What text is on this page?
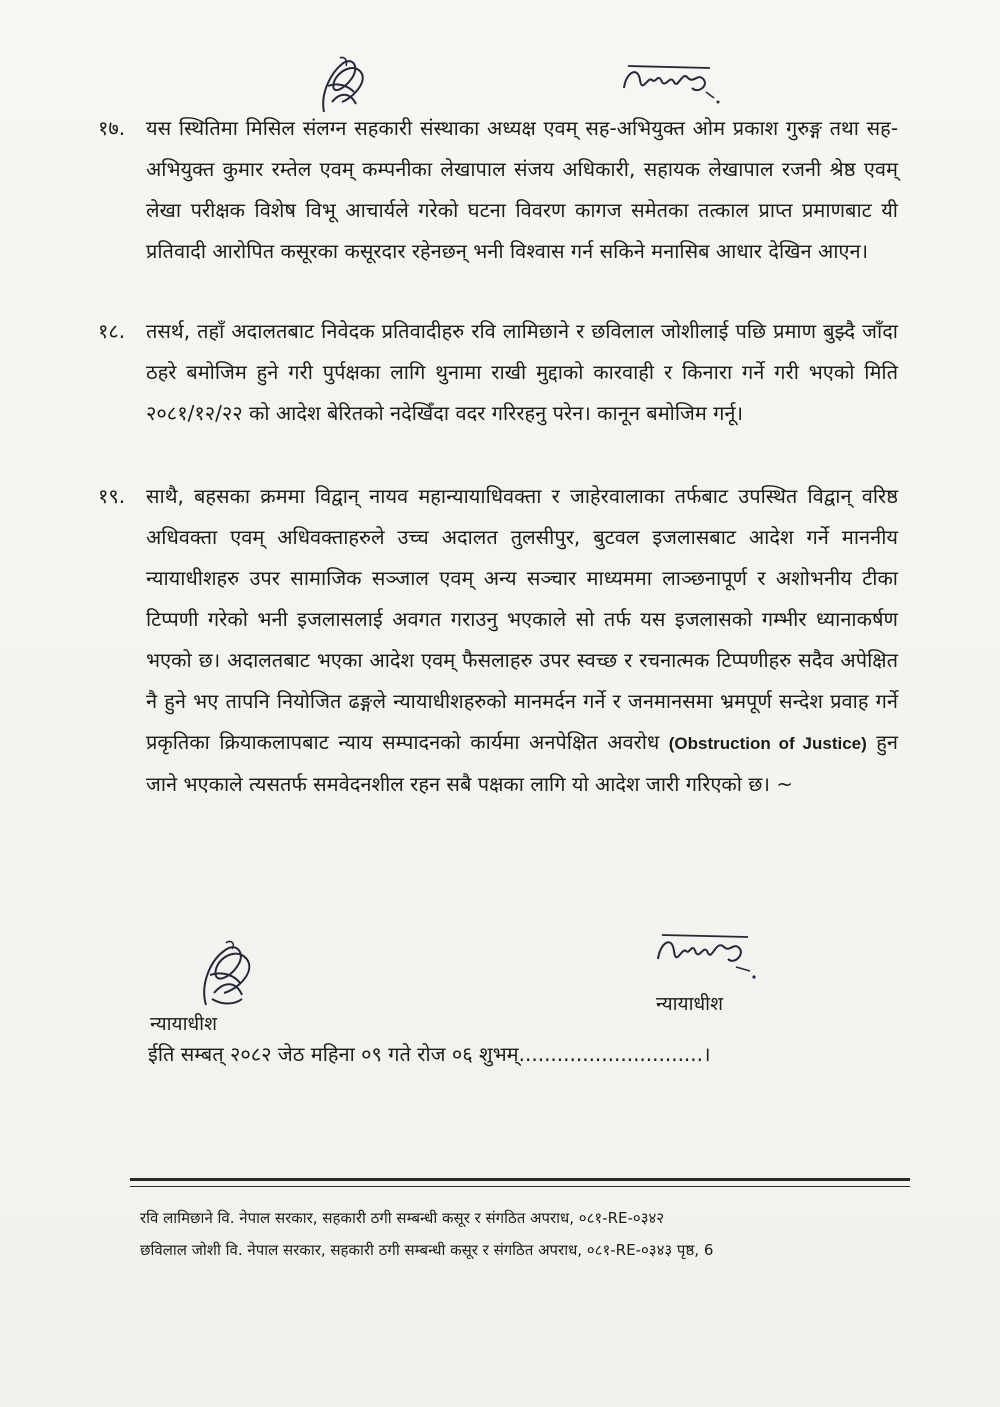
१७. यस स्थितिमा मिसिल संलग्न सहकारी संस्थाका अध्यक्ष एवम् सह-अभियुक्त ओम प्रकाश गुरुङ्ग तथा सह-अभियुक्त कुमार रम्तेल एवम् कम्पनीका लेखापाल संजय अधिकारी, सहायक लेखापाल रजनी श्रेष्ठ एवम् लेखा परीक्षक विशेष विभू आचार्यले गरेको घटना विवरण कागज समेतका तत्काल प्राप्त प्रमाणबाट यी प्रतिवादी आरोपित कसूरका कसूरदार रहेनछन् भनी विश्वास गर्न सकिने मनासिब आधार देखिन आएन।
१८. तसर्थ, तहाँ अदालतबाट निवेदक प्रतिवादीहरु रवि लामिछाने र छविलाल जोशीलाई पछि प्रमाण बुझ्दै जाँदा ठहरे बमोजिम हुने गरी पुर्पक्षका लागि थुनामा राखी मुद्दाको कारवाही र किनारा गर्ने गरी भएको मिति २०८१/१२/२२ को आदेश बेरितको नदेखिँदा वदर गरिरहनु परेन। कानून बमोजिम गर्नू।
१९. साथै, बहसका क्रममा विद्वान् नायव महान्यायाधिवक्ता र जाहेरवालाका तर्फबाट उपस्थित विद्वान् वरिष्ठ अधिवक्ता एवम् अधिवक्ताहरुले उच्च अदालत तुलसीपुर, बुटवल इजलासबाट आदेश गर्ने माननीय न्यायाधीशहरु उपर सामाजिक सञ्जाल एवम् अन्य सञ्चार माध्यममा लाञ्छनापूर्ण र अशोभनीय टीका टिप्पणी गरेको भनी इजलासलाई अवगत गराउनु भएकाले सो तर्फ यस इजलासको गम्भीर ध्यानाकर्षण भएको छ। अदालतबाट भएका आदेश एवम् फैसलाहरु उपर स्वच्छ र रचनात्मक टिप्पणीहरु सदैव अपेक्षित नै हुने भए तापनि नियोजित ढङ्गले न्यायाधीशहरुको मानमर्दन गर्ने र जनमानसमा भ्रमपूर्ण सन्देश प्रवाह गर्ने प्रकृतिका क्रियाकलापबाट न्याय सम्पादनको कार्यमा अनपेक्षित अवरोध (Obstruction of Justice) हुन जाने भएकाले त्यसतर्फ समवेदनशील रहन सबै पक्षका लागि यो आदेश जारी गरिएको छ। ~
न्यायाधीश
न्यायाधीश
ईति सम्बत् २०८२ जेठ महिना ०९ गते रोज ०६ शुभम्.............................।
रवि लामिछाने वि. नेपाल सरकार, सहकारी ठगी सम्बन्धी कसूर र संगठित अपराध, ०८१-RE-०३४२
छविलाल जोशी वि. नेपाल सरकार, सहकारी ठगी सम्बन्धी कसूर र संगठित अपराध, ०८१-RE-०३४३ पृष्ठ, 6
